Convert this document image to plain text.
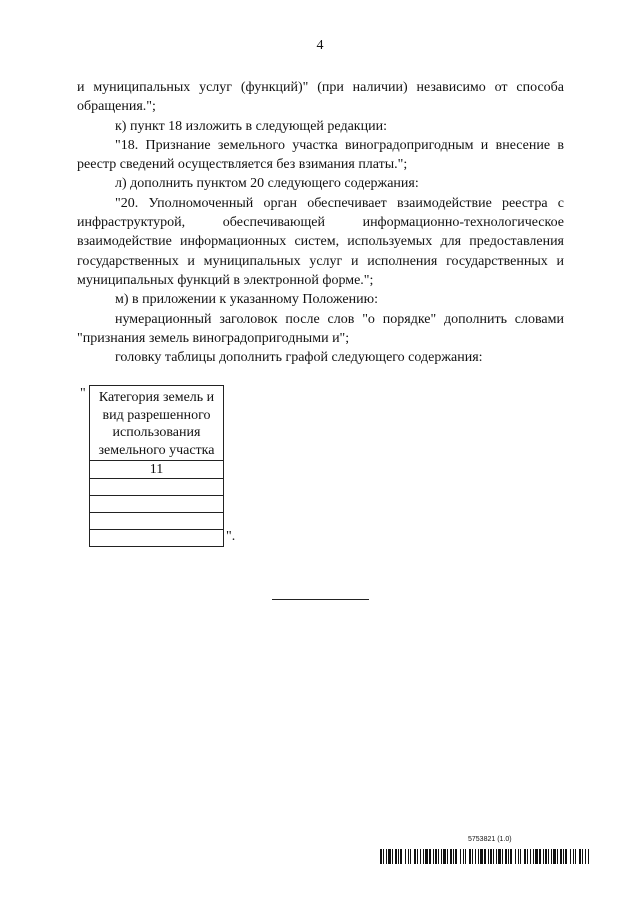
4

и муниципальных услуг (функций)" (при наличии) независимо от способа обращения.";

к) пункт 18 изложить в следующей редакции:

"18. Признание земельного участка виноградопригодным и внесение в реестр сведений осуществляется без взимания платы.";

л) дополнить пунктом 20 следующего содержания:

"20. Уполномоченный орган обеспечивает взаимодействие реестра с инфраструктурой, обеспечивающей информационно-технологическое взаимодействие информационных систем, используемых для предоставления государственных и муниципальных услуг и исполнения государственных и муниципальных функций в электронной форме.";

м) в приложении к указанному Положению:

нумерационный заголовок после слов "о порядке" дополнить словами "признания земель виноградопригодными и";

головку таблицы дополнить графой следующего содержания:

" Категория земель и вид разрешенного использования земельного участка
11

".
5753821 (1.0)
